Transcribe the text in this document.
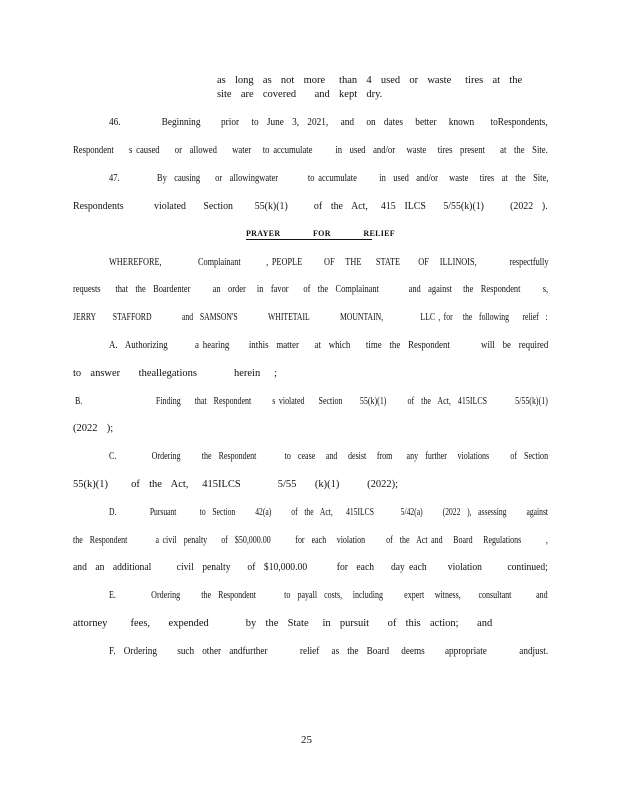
as  long  as  not  more   than  4  used  or  waste   tires  at  the
site  are  covered    and  kept  dry.
46.          Beginning     prior   to  June  3,  2021,   and   on  dates   better   known    toRespondents,
Respondent    s caused    or  allowed    water   to accumulate      in  used  and/or   waste   tires  present    at  the  Site.
47.          By  causing    or  allowingwater        to accumulate      in  used  and/or   waste   tires  at  the  Site,
Respondents       violated    Section     55(k)(1)      of  the  Act,   415  ILCS    5/55(k)(1)      (2022  ).
PRAYER  FOR  RELIEF
WHEREFORE,          Complainant       , PEOPLE      OF   THE    STATE     OF   ILLINOIS,         respectfully
requests    that  the  Boardenter      an  order   in  favor    of  the  Complainant        and  against   the  Respondent      s,
JERRY     STAFFORD         and  SAMSON'S         WHITETAIL         MOUNTAIN,           LLC , for   the  following    relief  :
A.  Authorizing       a hearing     inthis  matter    at  which    time  the  Respondent        will  be  required
to  answer    theallegations        herein   ;
B.                     Finding    that  Respondent      s violated    Section     55(k)(1)      of  the  Act,  415ILCS        5/55(k)(1)
(2022  );
C.          Ordering      the  Respondent        to  cease   and   desist   from    any  further   violations      of  Section
55(k)(1)     of  the  Act,   415ILCS        5/55    (k)(1)      (2022);
D.          Pursuant       to  Section      42(a)      of  the  Act,    415ILCS        5/42(a)      (2022  ),  assessing      against
the  Respondent        a civil  penalty    of  $50,000.00       for  each   violation      of  the  Act and   Board   Regulations       ,
and  an  additional      civil  penalty    of  $10,000.00       for  each    day each     violation      continued;
E.          Ordering      the  Respondent        to  payall  costs,   including      expert   witness,     consultant       and
attorney     fees,    expended        by  the  State   in  pursuit    of  this  action;    and
F.  Ordering     such  other  andfurther        relief   as  the  Board   deems     appropriate        andjust.
25
